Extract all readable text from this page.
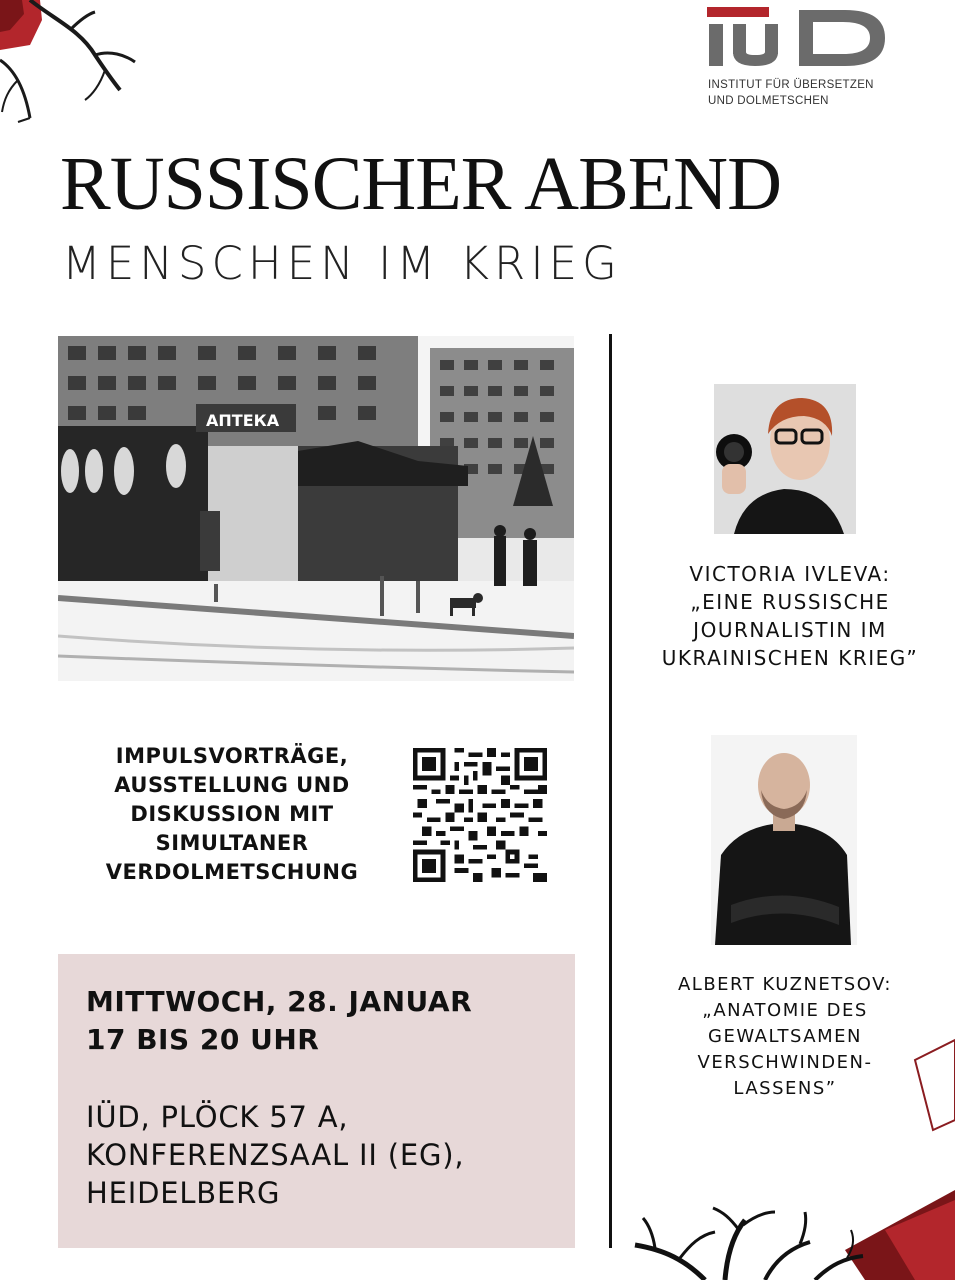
INSTITUT FÜR ÜBERSETZEN
UND DOLMETSCHEN
RUSSISCHER ABEND
MENSCHEN IM KRIEG
АПТЕКА
IMPULSVORTRÄGE,
AUSSTELLUNG UND
DISKUSSION MIT
SIMULTANER
VERDOLMETSCHUNG
MITTWOCH, 28. JANUAR
17 BIS 20 UHR
IÜD, PLÖCK 57 A,
KONFERENZSAAL II (EG),
HEIDELBERG
VICTORIA IVLEVA:
„EINE RUSSISCHE
JOURNALISTIN IM
UKRAINISCHEN KRIEG”
ALBERT KUZNETSOV:
„ANATOMIE DES
GEWALTSAMEN
VERSCHWINDEN-
LASSENS”
